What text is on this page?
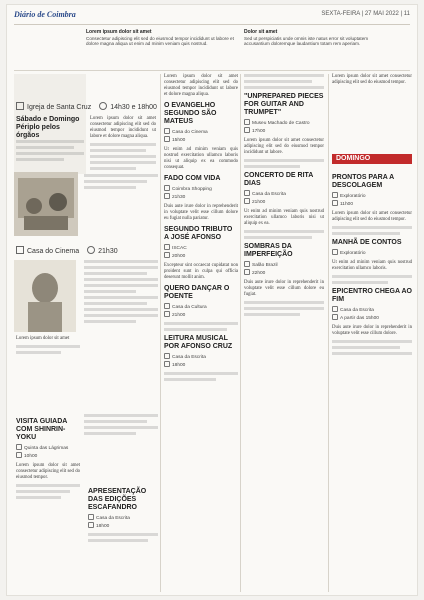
Diário de Coimbra	SEXTA-FEIRA | 27 MAI 2022 | 11
Lorem ipsum dolor sit amet
Consectetur adipiscing elit sed do eiusmod tempor incididunt ut labore et dolore magna aliqua ut enim ad minim veniam quis nostrud.
Dolor sit amet
Sed ut perspiciatis unde omnis iste natus error sit voluptatem accusantium doloremque laudantium totam rem aperiam.
Igreja de Santa Cruz	14h30 e 18h00
Sábado e Domingo Périplo pelos órgãos

Lorem ipsum dolor sit amet consectetur adipiscing elit sed do eiusmod tempor incididunt ut labore et dolore magna aliqua.

Casa do Cinema	21h30

Lorem ipsum dolor sit amet

VISITA GUIADA COM SHINRIN-YOKU
Quinta das Lágrimas
10h00

Lorem ipsum dolor sit amet consectetur adipiscing elit sed do eiusmod tempor.

Lorem ipsum dolor sit amet consectetur adipiscing elit sed do eiusmod tempor incididunt ut labore et dolore magna aliqua.

O EVANGELHO SEGUNDO SÃO MATEUS
Casa do Cinema
15h00

Ut enim ad minim veniam quis nostrud exercitation ullamco laboris nisi ut aliquip ex ea commodo consequat.

FADO COM VIDA
Coimbra Shopping
21h30

Duis aute irure dolor in reprehenderit in voluptate velit esse cillum dolore eu fugiat nulla pariatur.

SEGUNDO TRIBUTO A JOSÉ AFONSO
ISCAC
20h00

Excepteur sint occaecat cupidatat non proident sunt in culpa qui officia deserunt mollit anim.

QUERO DANÇAR O POENTE
Casa da Cultura
21h00
LEITURA MUSICAL POR AFONSO CRUZ
Casa da Escrita
18h00
APRESENTAÇÃO DAS EDIÇÕES ESCAFANDRO
Casa da Escrita
18h00
"UNPREPARED PIECES FOR GUITAR AND TRUMPET"
Museu Machado de Castro
17h00

Lorem ipsum dolor sit amet consectetur adipiscing elit sed do eiusmod tempor incididunt ut labore.

CONCERTO DE RITA DIAS
Casa da Escrita
21h00

Ut enim ad minim veniam quis nostrud exercitation ullamco laboris nisi ut aliquip ex ea.

SOMBRAS DA IMPERFEIÇÃO
Salão Brazil
22h00

Duis aute irure dolor in reprehenderit in voluptate velit esse cillum dolore eu fugiat.

Lorem ipsum dolor sit amet consectetur adipiscing elit sed do eiusmod tempor.

DOMINGO
PRONTOS PARA A DESCOLAGEM
Exploratório
11h00

Lorem ipsum dolor sit amet consectetur adipiscing elit sed do eiusmod tempor.

MANHÃ DE CONTOS
Exploratório

Ut enim ad minim veniam quis nostrud exercitation ullamco laboris.

EPICENTRO CHEGA AO FIM
Casa da Escrita
A partir das 15h00

Duis aute irure dolor in reprehenderit in voluptate velit esse cillum dolore.
